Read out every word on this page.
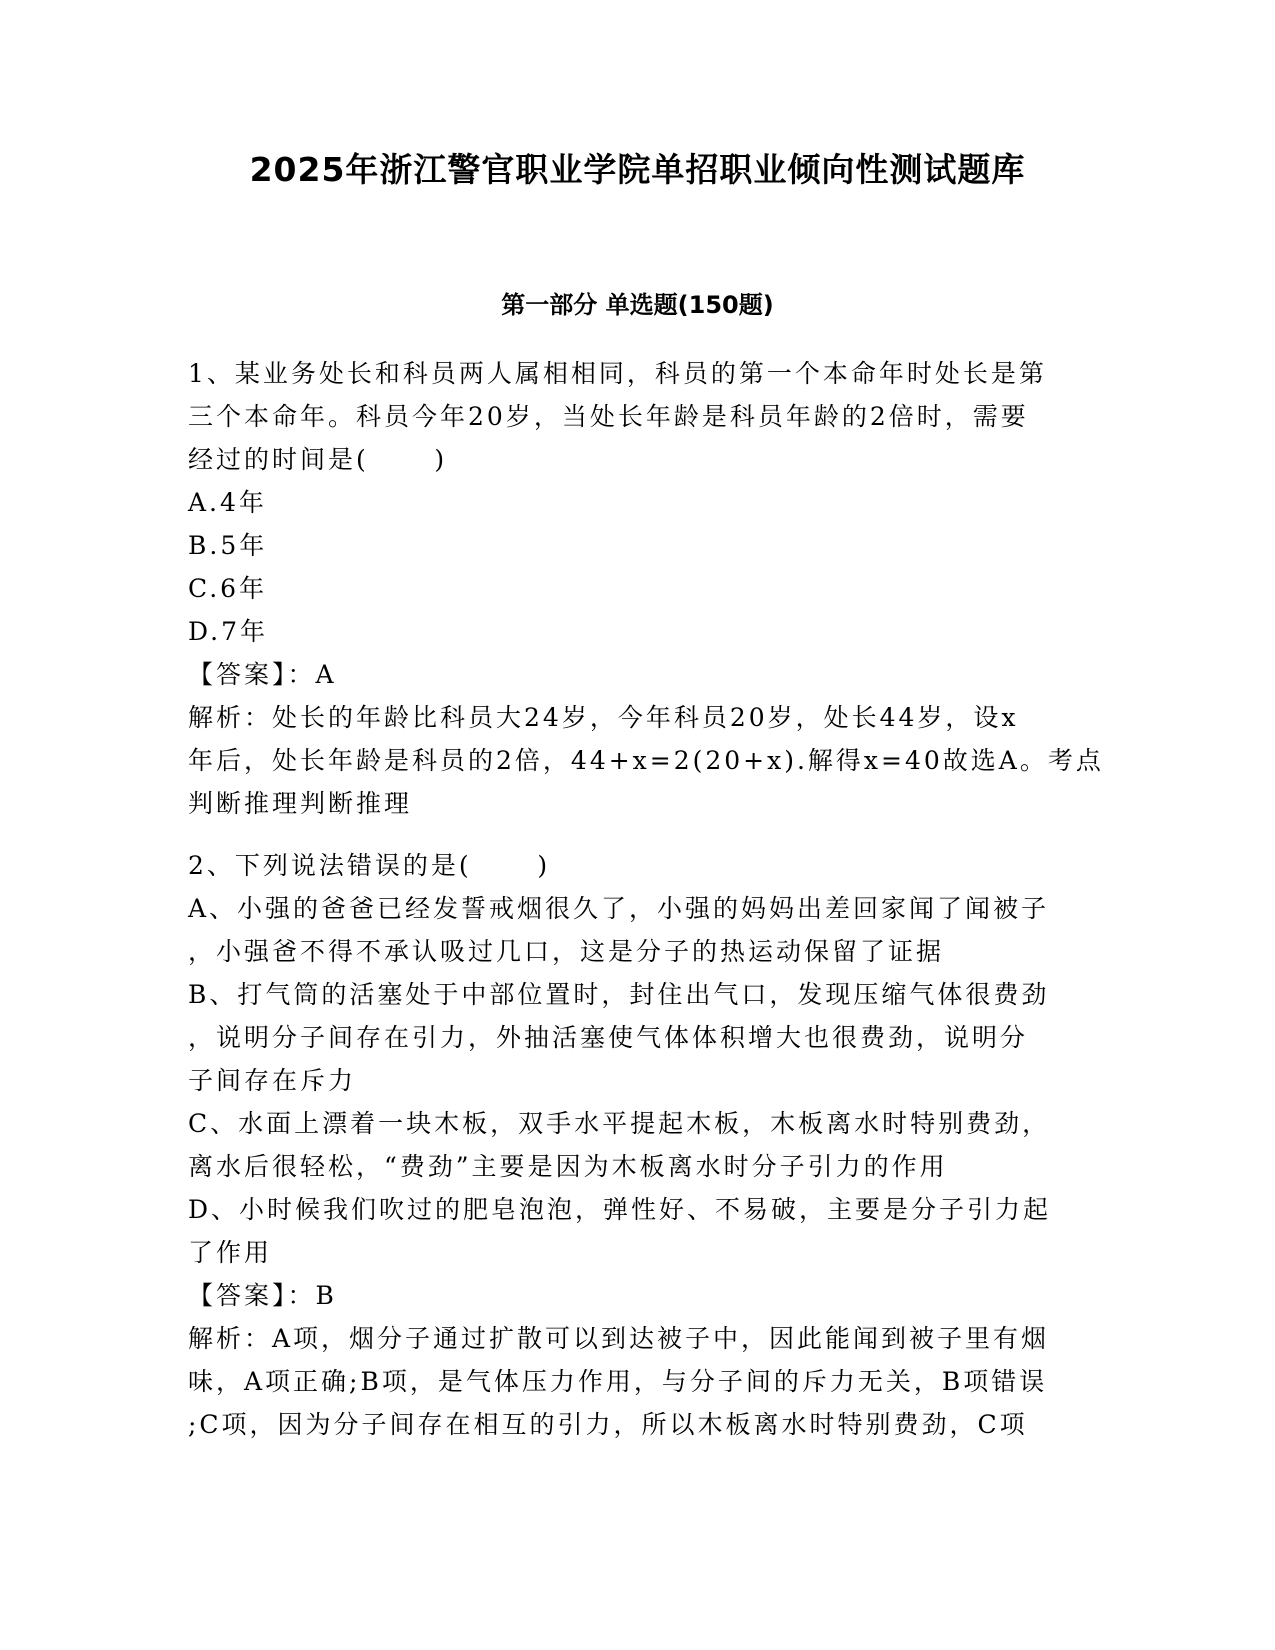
2025年浙江警官职业学院单招职业倾向性测试题库
第一部分 单选题(150题)
1、某业务处长和科员两人属相相同，科员的第一个本命年时处长是第
三个本命年。科员今年20岁，当处长年龄是科员年龄的2倍时，需要
经过的时间是(      )
A.4年
B.5年
C.6年
D.7年
【答案】：A
解析：处长的年龄比科员大24岁，今年科员20岁，处长44岁，设x
年后，处长年龄是科员的2倍，44+x=2(20+x).解得x=40故选A。考点
判断推理判断推理
2、下列说法错误的是(      )
A、小强的爸爸已经发誓戒烟很久了，小强的妈妈出差回家闻了闻被子
，小强爸不得不承认吸过几口，这是分子的热运动保留了证据
B、打气筒的活塞处于中部位置时，封住出气口，发现压缩气体很费劲
，说明分子间存在引力，外抽活塞使气体体积增大也很费劲，说明分
子间存在斥力
C、水面上漂着一块木板，双手水平提起木板，木板离水时特别费劲，
离水后很轻松，“费劲”主要是因为木板离水时分子引力的作用
D、小时候我们吹过的肥皂泡泡，弹性好、不易破，主要是分子引力起
了作用
【答案】：B
解析：A项，烟分子通过扩散可以到达被子中，因此能闻到被子里有烟
味，A项正确;B项，是气体压力作用，与分子间的斥力无关，B项错误
;C项，因为分子间存在相互的引力，所以木板离水时特别费劲，C项
